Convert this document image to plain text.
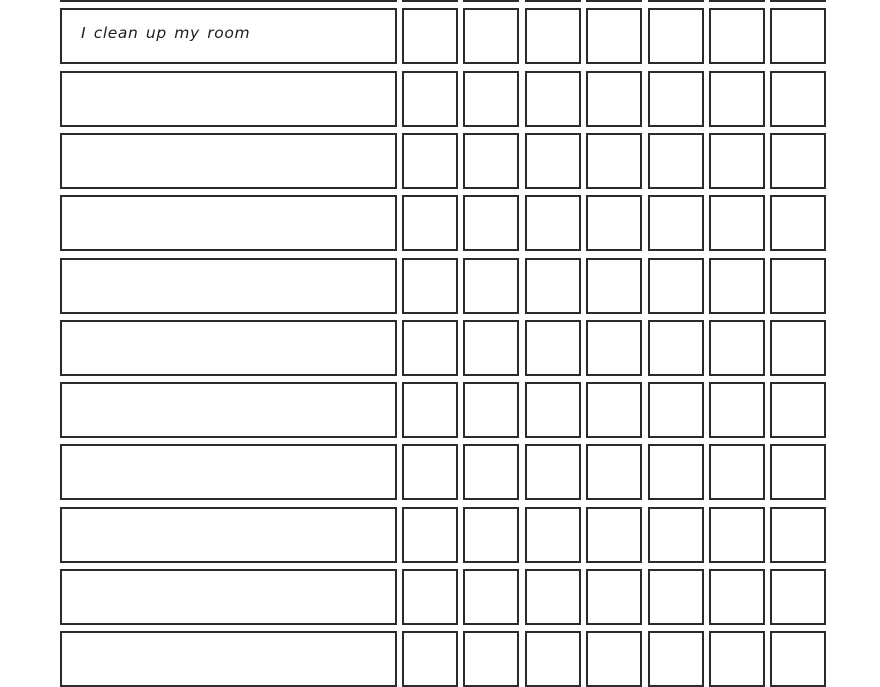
I clean up my room
